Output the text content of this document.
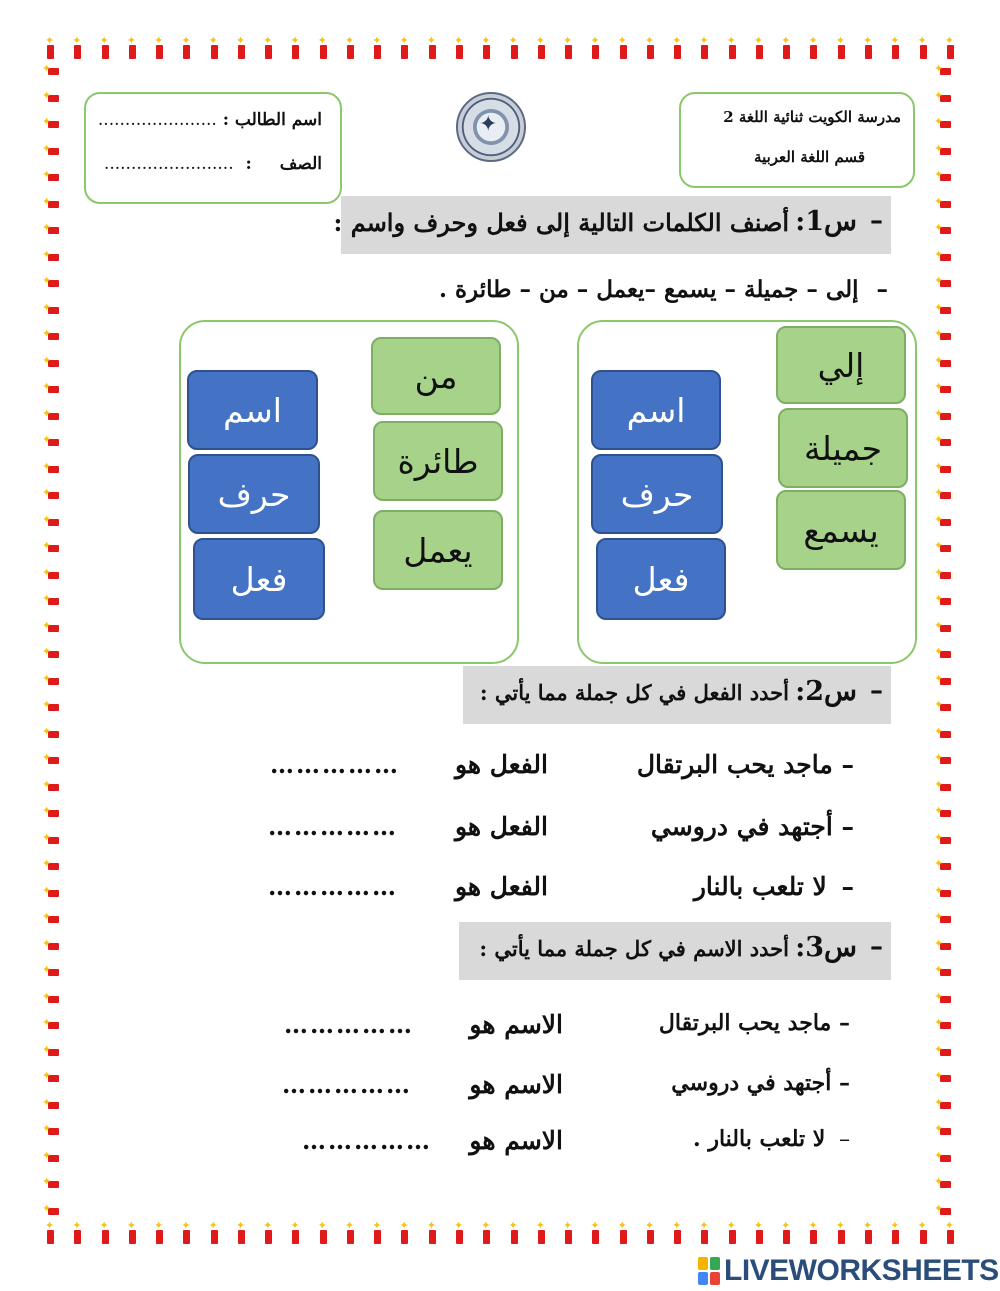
✦
✦
✦
✦
✦
✦
✦
✦
✦
✦
✦
✦
✦
✦
✦
✦
✦
✦
✦
✦
✦
✦
✦
✦
✦
✦
✦
✦
✦
✦
✦
✦
✦
✦
✦
✦
✦
✦
✦
✦
✦
✦
✦
✦
✦
✦
✦
✦
✦
✦
✦
✦
✦
✦
✦
✦
✦
✦
✦
✦
✦
✦
✦
✦
✦
✦
✦
✦
✦
✦
✦
✦
✦
✦
✦
✦
✦
✦
✦
✦
✦
✦
✦
✦
✦
✦
✦
✦
✦
✦
✦
✦
✦
✦
✦
✦
✦
✦
✦
✦
✦
✦
✦
✦
✦
✦
✦
✦
✦
✦
✦
✦
✦
✦
✦
✦
✦
✦
✦
✦
✦
✦
✦
✦
✦
✦
✦
✦
✦
✦
✦
✦
✦
✦
✦
✦
✦
✦
✦
✦
✦
✦
✦
✦
✦
✦
✦
✦
✦
✦
✦
✦
✦
✦
✦
✦
اسم الطالب : ......................
الصف : ........................
✦	مدرسة الكويت ثنائية اللغة 2
قسم اللغة العربية
–
س1:
أصنف الكلمات التالية إلى فعل وحرف واسم :
– إلى – جميلة – يسمع –يعمل – من – طائرة .
إلي
جميلة
يسمع
اسم
حرف
فعل
من
طائرة
يعمل
اسم
حرف
فعل
–
س2:
أحدد الفعل في كل جملة مما يأتي :
– ماجد يحب البرتقال
الفعل هو
……………
– أجتهد في دروسي
الفعل هو
……………
– لا تلعب بالنار
الفعل هو
……………
–
س3:
أحدد الاسم في كل جملة مما يأتي :
– ماجد يحب البرتقال
الاسم هو
……………
– أجتهد في دروسي
الاسم هو
……………
– لا تلعب بالنار .
الاسم هو
……………
LIVEWORKSHEETS
